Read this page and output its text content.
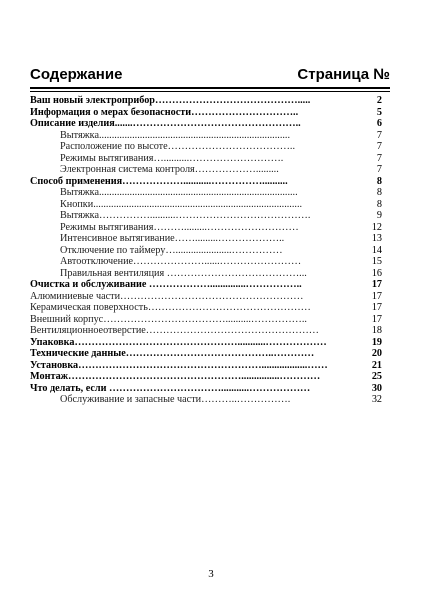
Содержание	Страница №
Ваш новый электроприбор…………………………………….....	2
Информация о мерах безопасности…………………………..	5
Описание изделия.......…………………………………………..	6
Вытяжка...........................................................................	7
Расположение по высоте………………………………..	7
Режимы вытягивания…..........……………………….	7
Электронная система контроля……………….........	7
Способ применения………………...........……………..........	8
Вытяжка..............................................................................	8
Кнопки..................................................................................	8
Вытяжка……………..........………………………………….	9
Режимы вытягивания……….........………………………	12
Интенсивное вытягивание…….........………………..	13
Отключение по таймеру…......................……………	14
Автоотключение…………………......……………………	15
Правильная вентиляция …………………………………...	16
Очистка и обслуживание ………………..............……………..	17
Алюминиевые части………………………………………………	17
Керамическая поверхность…………………………………………	17
Внешний корпус………………………………..........……………..	17
Вентиляционноеотверстие……………………………………………	18
Упаковка…………………………………………...........………………	19
Технические данные……………………………………..…………	20
Установка………………………………………………..................……	21
Монтаж……………………………………………...............…………	25
Что делать, если ……………………………...........………………	30
Обслуживание и запасные части………..…………….	32
3
